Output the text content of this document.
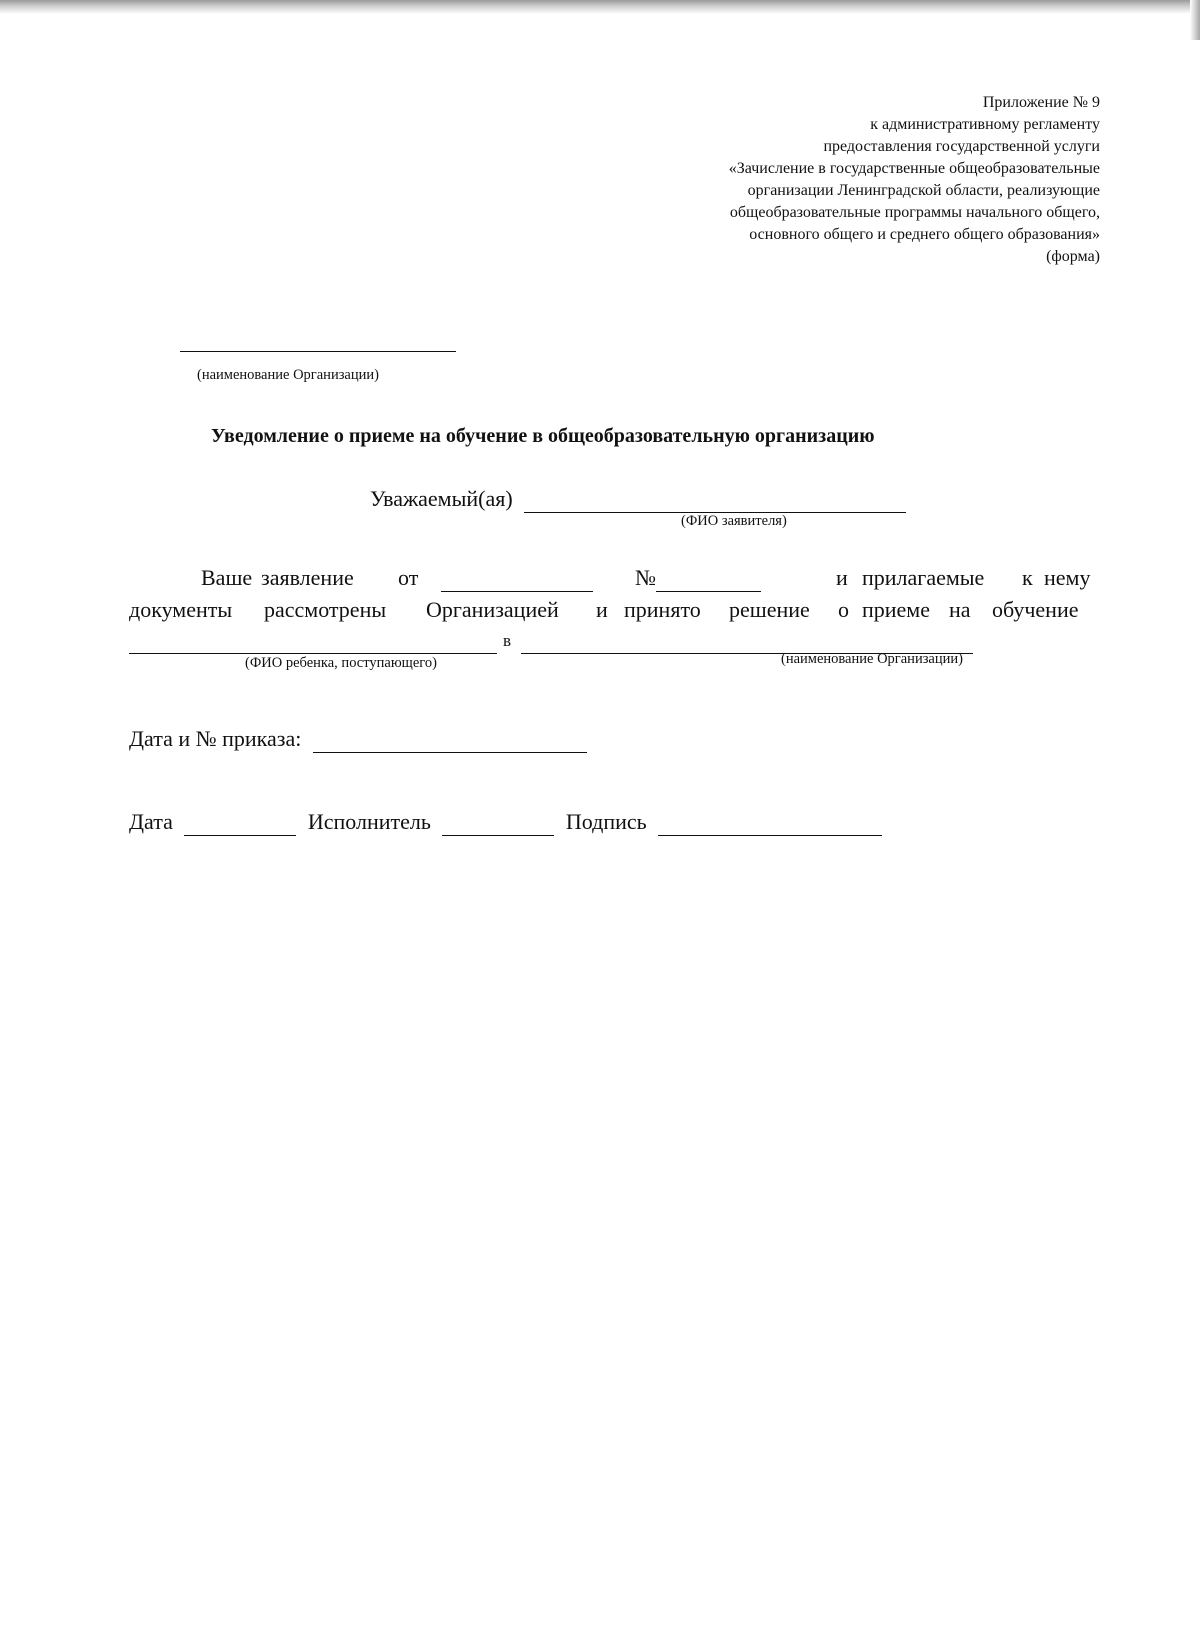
Приложение № 9
к административному регламенту
предоставления государственной услуги
«Зачисление в государственные общеобразовательные
организации Ленинградской области, реализующие
общеобразовательные программы начального общего,
основного общего и среднего общего образования»
(форма)
(наименование Организации)
Уведомление о приеме на обучение в общеобразовательную организацию
Уважаемый(ая)
(ФИО заявителя)
Ваше заявление от
	№	и прилагаемые к нему
документы рассмотрены Организацией и принято решение о приеме на обучение
в
(ФИО ребенка, поступающего)	(наименование Организации)
Дата и № приказа:
Дата	Исполнитель	Подпись
